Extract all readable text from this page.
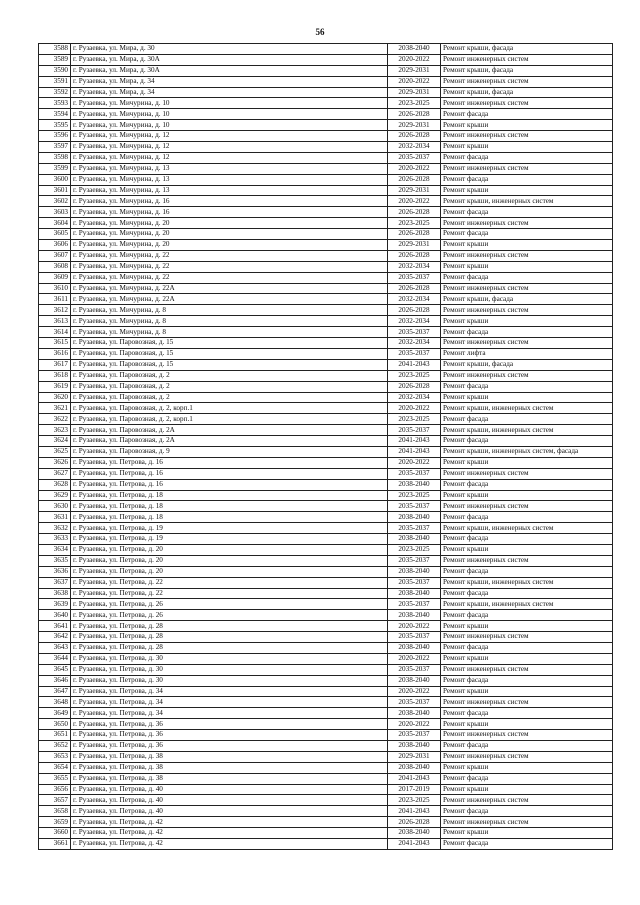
56
3588	г. Рузаевка, ул. Мира, д. 30	2038-2040	Ремонт крыши, фасада
3589	г. Рузаевка, ул. Мира, д. 30А	2020-2022	Ремонт инженерных систем
3590	г. Рузаевка, ул. Мира, д. 30А	2029-2031	Ремонт крыши, фасада
3591	г. Рузаевка, ул. Мира, д. 34	2020-2022	Ремонт инженерных систем
3592	г. Рузаевка, ул. Мира, д. 34	2029-2031	Ремонт крыши, фасада
3593	г. Рузаевка, ул. Мичурина, д. 10	2023-2025	Ремонт инженерных систем
3594	г. Рузаевка, ул. Мичурина, д. 10	2026-2028	Ремонт фасада
3595	г. Рузаевка, ул. Мичурина, д. 10	2029-2031	Ремонт крыши
3596	г. Рузаевка, ул. Мичурина, д. 12	2026-2028	Ремонт инженерных систем
3597	г. Рузаевка, ул. Мичурина, д. 12	2032-2034	Ремонт крыши
3598	г. Рузаевка, ул. Мичурина, д. 12	2035-2037	Ремонт фасада
3599	г. Рузаевка, ул. Мичурина, д. 13	2020-2022	Ремонт инженерных систем
3600	г. Рузаевка, ул. Мичурина, д. 13	2026-2028	Ремонт фасада
3601	г. Рузаевка, ул. Мичурина, д. 13	2029-2031	Ремонт крыши
3602	г. Рузаевка, ул. Мичурина, д. 16	2020-2022	Ремонт крыши, инженерных систем
3603	г. Рузаевка, ул. Мичурина, д. 16	2026-2028	Ремонт фасада
3604	г. Рузаевка, ул. Мичурина, д. 20	2023-2025	Ремонт инженерных систем
3605	г. Рузаевка, ул. Мичурина, д. 20	2026-2028	Ремонт фасада
3606	г. Рузаевка, ул. Мичурина, д. 20	2029-2031	Ремонт крыши
3607	г. Рузаевка, ул. Мичурина, д. 22	2026-2028	Ремонт инженерных систем
3608	г. Рузаевка, ул. Мичурина, д. 22	2032-2034	Ремонт крыши
3609	г. Рузаевка, ул. Мичурина, д. 22	2035-2037	Ремонт фасада
3610	г. Рузаевка, ул. Мичурина, д. 22А	2026-2028	Ремонт инженерных систем
3611	г. Рузаевка, ул. Мичурина, д. 22А	2032-2034	Ремонт крыши, фасада
3612	г. Рузаевка, ул. Мичурина, д. 8	2026-2028	Ремонт инженерных систем
3613	г. Рузаевка, ул. Мичурина, д. 8	2032-2034	Ремонт крыши
3614	г. Рузаевка, ул. Мичурина, д. 8	2035-2037	Ремонт фасада
3615	г. Рузаевка, ул. Паровозная, д. 15	2032-2034	Ремонт инженерных систем
3616	г. Рузаевка, ул. Паровозная, д. 15	2035-2037	Ремонт лифта
3617	г. Рузаевка, ул. Паровозная, д. 15	2041-2043	Ремонт крыши, фасада
3618	г. Рузаевка, ул. Паровозная, д. 2	2023-2025	Ремонт инженерных систем
3619	г. Рузаевка, ул. Паровозная, д. 2	2026-2028	Ремонт фасада
3620	г. Рузаевка, ул. Паровозная, д. 2	2032-2034	Ремонт крыши
3621	г. Рузаевка, ул. Паровозная, д. 2, корп.1	2020-2022	Ремонт крыши, инженерных систем
3622	г. Рузаевка, ул. Паровозная, д. 2, корп.1	2023-2025	Ремонт фасада
3623	г. Рузаевка, ул. Паровозная, д. 2А	2035-2037	Ремонт крыши, инженерных систем
3624	г. Рузаевка, ул. Паровозная, д. 2А	2041-2043	Ремонт фасада
3625	г. Рузаевка, ул. Паровозная, д. 9	2041-2043	Ремонт крыши, инженерных систем, фасада
3626	г. Рузаевка, ул. Петрова, д. 16	2020-2022	Ремонт крыши
3627	г. Рузаевка, ул. Петрова, д. 16	2035-2037	Ремонт инженерных систем
3628	г. Рузаевка, ул. Петрова, д. 16	2038-2040	Ремонт фасада
3629	г. Рузаевка, ул. Петрова, д. 18	2023-2025	Ремонт крыши
3630	г. Рузаевка, ул. Петрова, д. 18	2035-2037	Ремонт инженерных систем
3631	г. Рузаевка, ул. Петрова, д. 18	2038-2040	Ремонт фасада
3632	г. Рузаевка, ул. Петрова, д. 19	2035-2037	Ремонт крыши, инженерных систем
3633	г. Рузаевка, ул. Петрова, д. 19	2038-2040	Ремонт фасада
3634	г. Рузаевка, ул. Петрова, д. 20	2023-2025	Ремонт крыши
3635	г. Рузаевка, ул. Петрова, д. 20	2035-2037	Ремонт инженерных систем
3636	г. Рузаевка, ул. Петрова, д. 20	2038-2040	Ремонт фасада
3637	г. Рузаевка, ул. Петрова, д. 22	2035-2037	Ремонт крыши, инженерных систем
3638	г. Рузаевка, ул. Петрова, д. 22	2038-2040	Ремонт фасада
3639	г. Рузаевка, ул. Петрова, д. 26	2035-2037	Ремонт крыши, инженерных систем
3640	г. Рузаевка, ул. Петрова, д. 26	2038-2040	Ремонт фасада
3641	г. Рузаевка, ул. Петрова, д. 28	2020-2022	Ремонт крыши
3642	г. Рузаевка, ул. Петрова, д. 28	2035-2037	Ремонт инженерных систем
3643	г. Рузаевка, ул. Петрова, д. 28	2038-2040	Ремонт фасада
3644	г. Рузаевка, ул. Петрова, д. 30	2020-2022	Ремонт крыши
3645	г. Рузаевка, ул. Петрова, д. 30	2035-2037	Ремонт инженерных систем
3646	г. Рузаевка, ул. Петрова, д. 30	2038-2040	Ремонт фасада
3647	г. Рузаевка, ул. Петрова, д. 34	2020-2022	Ремонт крыши
3648	г. Рузаевка, ул. Петрова, д. 34	2035-2037	Ремонт инженерных систем
3649	г. Рузаевка, ул. Петрова, д. 34	2038-2040	Ремонт фасада
3650	г. Рузаевка, ул. Петрова, д. 36	2020-2022	Ремонт крыши
3651	г. Рузаевка, ул. Петрова, д. 36	2035-2037	Ремонт инженерных систем
3652	г. Рузаевка, ул. Петрова, д. 36	2038-2040	Ремонт фасада
3653	г. Рузаевка, ул. Петрова, д. 38	2029-2031	Ремонт инженерных систем
3654	г. Рузаевка, ул. Петрова, д. 38	2038-2040	Ремонт крыши
3655	г. Рузаевка, ул. Петрова, д. 38	2041-2043	Ремонт фасада
3656	г. Рузаевка, ул. Петрова, д. 40	2017-2019	Ремонт крыши
3657	г. Рузаевка, ул. Петрова, д. 40	2023-2025	Ремонт инженерных систем
3658	г. Рузаевка, ул. Петрова, д. 40	2041-2043	Ремонт фасада
3659	г. Рузаевка, ул. Петрова, д. 42	2026-2028	Ремонт инженерных систем
3660	г. Рузаевка, ул. Петрова, д. 42	2038-2040	Ремонт крыши
3661	г. Рузаевка, ул. Петрова, д. 42	2041-2043	Ремонт фасада
